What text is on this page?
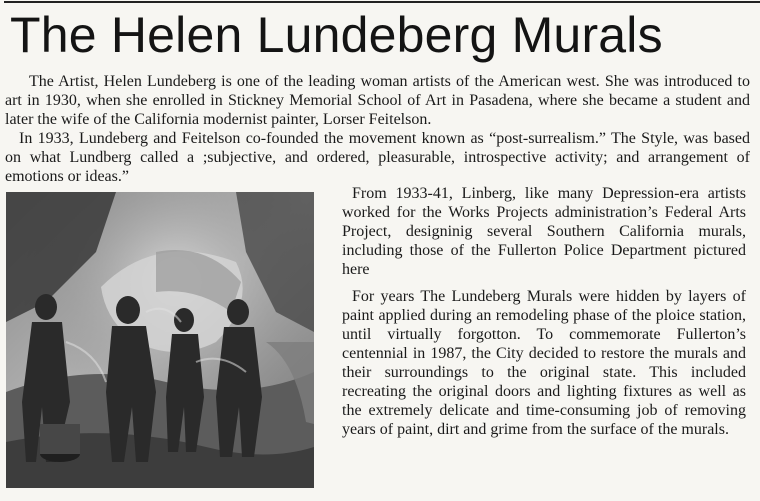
The Helen Lundeberg Murals

The Artist, Helen Lundeberg is one of the leading woman artists of the American west. She was introduced to art in 1930, when she enrolled in Stickney Memorial School of Art in Pasadena, where she became a student and later the wife of the California modernist painter, Lorser Feitelson.

In 1933, Lundeberg and Feitelson co-founded the movement known as “post-surrealism.” The Style, was based on what Lundberg called a ;subjective, and ordered, pleasurable, introspective activity; and arrangement of emotions or ideas.”

From 1933-41, Linberg, like many Depression-era artists worked for the Works Projects administration’s Federal Arts Project, designinig several Southern California murals, including those of the Fullerton Police Department pictured here

For years The Lundeberg Murals were hidden by layers of paint applied during an remodeling phase of the ploice station, until virtually forgotton. To commemorate Fullerton’s centennial in 1987, the City decided to restore the murals and their surroundings to the original state. This included recreating the original doors and lighting fixtures as well as the extremely delicate and time-consuming job of removing years of paint, dirt and grime from the surface of the murals.
